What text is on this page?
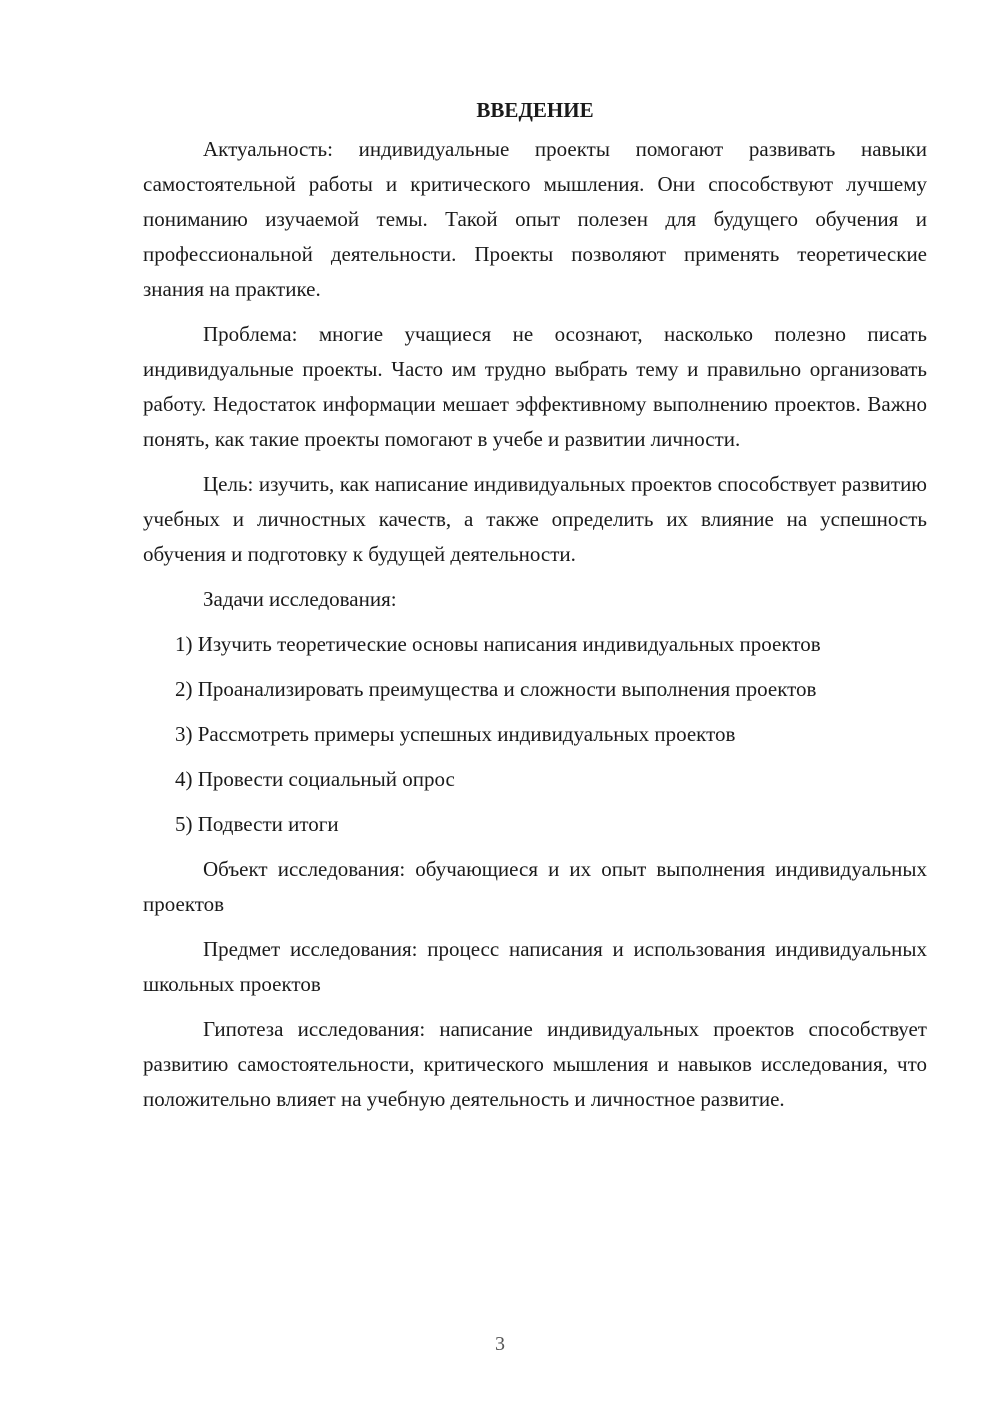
ВВЕДЕНИЕ

Актуальность: индивидуальные проекты помогают развивать навыки самостоятельной работы и критического мышления. Они способствуют лучшему пониманию изучаемой темы. Такой опыт полезен для будущего обучения и профессиональной деятельности. Проекты позволяют применять теоретические знания на практике.

Проблема: многие учащиеся не осознают, насколько полезно писать индивидуальные проекты. Часто им трудно выбрать тему и правильно организовать работу. Недостаток информации мешает эффективному выполнению проектов. Важно понять, как такие проекты помогают в учебе и развитии личности.

Цель: изучить, как написание индивидуальных проектов способствует развитию учебных и личностных качеств, а также определить их влияние на успешность обучения и подготовку к будущей деятельности.

Задачи исследования:

1) Изучить теоретические основы написания индивидуальных проектов

2) Проанализировать преимущества и сложности выполнения проектов

3) Рассмотреть примеры успешных индивидуальных проектов

4) Провести социальный опрос

5) Подвести итоги

Объект исследования: обучающиеся и их опыт выполнения индивидуальных проектов

Предмет исследования: процесс написания и использования индивидуальных школьных проектов

Гипотеза исследования: написание индивидуальных проектов способствует развитию самостоятельности, критического мышления и навыков исследования, что положительно влияет на учебную деятельность и личностное развитие.

3
